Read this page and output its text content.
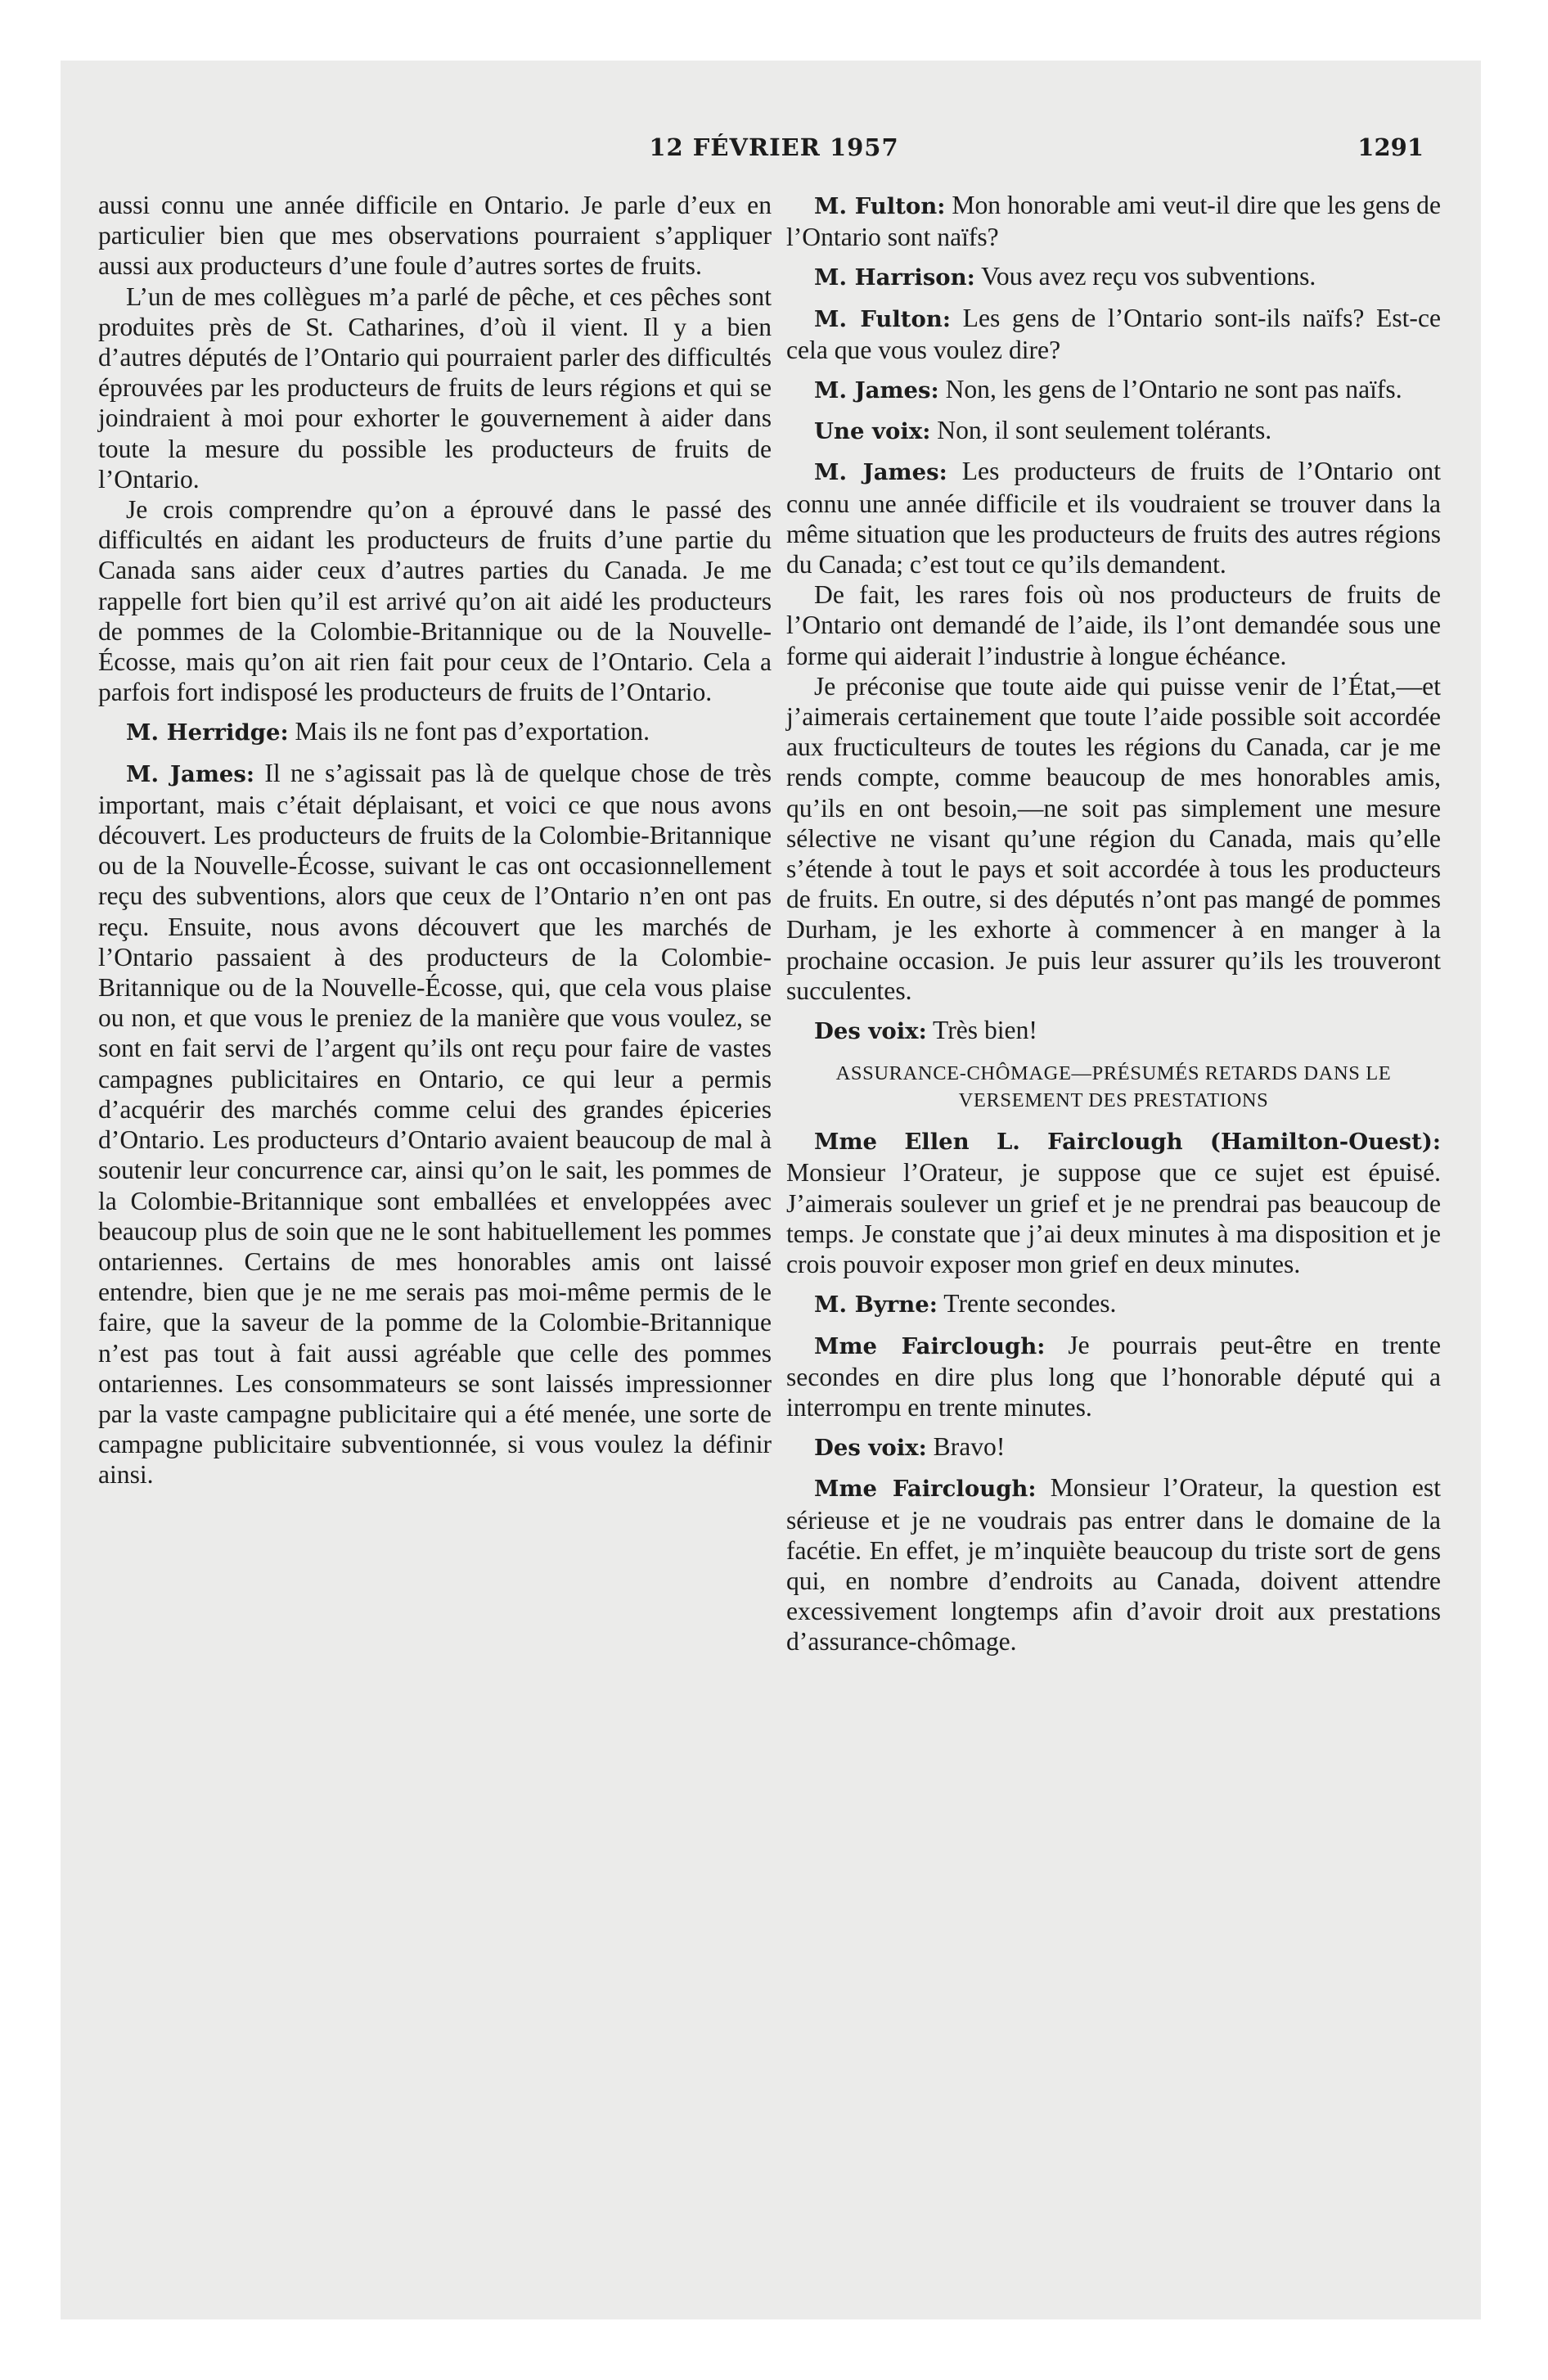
12 FÉVRIER 1957	1291

aussi connu une année difficile en Ontario. Je parle d’eux en particulier bien que mes observations pourraient s’appliquer aussi aux producteurs d’une foule d’autres sortes de fruits.

L’un de mes collègues m’a parlé de pêche, et ces pêches sont produites près de St. Catharines, d’où il vient. Il y a bien d’autres députés de l’Ontario qui pourraient parler des difficultés éprouvées par les producteurs de fruits de leurs régions et qui se joindraient à moi pour exhorter le gouvernement à aider dans toute la mesure du possible les producteurs de fruits de l’Ontario.

Je crois comprendre qu’on a éprouvé dans le passé des difficultés en aidant les producteurs de fruits d’une partie du Canada sans aider ceux d’autres parties du Canada. Je me rappelle fort bien qu’il est arrivé qu’on ait aidé les producteurs de pommes de la Colombie-Britannique ou de la Nouvelle-Écosse, mais qu’on ait rien fait pour ceux de l’Ontario. Cela a parfois fort indisposé les producteurs de fruits de l’Ontario.

M. Herridge: Mais ils ne font pas d’exportation.

M. James: Il ne s’agissait pas là de quelque chose de très important, mais c’était déplaisant, et voici ce que nous avons découvert. Les producteurs de fruits de la Colombie-Britannique ou de la Nouvelle-Écosse, suivant le cas ont occasionnellement reçu des subventions, alors que ceux de l’Ontario n’en ont pas reçu. Ensuite, nous avons découvert que les marchés de l’Ontario passaient à des producteurs de la Colombie-Britannique ou de la Nouvelle-Écosse, qui, que cela vous plaise ou non, et que vous le preniez de la manière que vous voulez, se sont en fait servi de l’argent qu’ils ont reçu pour faire de vastes campagnes publicitaires en Ontario, ce qui leur a permis d’acquérir des marchés comme celui des grandes épiceries d’Ontario. Les producteurs d’Ontario avaient beaucoup de mal à soutenir leur concurrence car, ainsi qu’on le sait, les pommes de la Colombie-Britannique sont emballées et enveloppées avec beaucoup plus de soin que ne le sont habituellement les pommes ontariennes. Certains de mes honorables amis ont laissé entendre, bien que je ne me serais pas moi-même permis de le faire, que la saveur de la pomme de la Colombie-Britannique n’est pas tout à fait aussi agréable que celle des pommes ontariennes. Les consommateurs se sont laissés impressionner par la vaste campagne publicitaire qui a été menée, une sorte de campagne publicitaire subventionnée, si vous voulez la définir ainsi.

M. Fulton: Mon honorable ami veut-il dire que les gens de l’Ontario sont naïfs?

M. Harrison: Vous avez reçu vos subventions.

M. Fulton: Les gens de l’Ontario sont-ils naïfs? Est-ce cela que vous voulez dire?

M. James: Non, les gens de l’Ontario ne sont pas naïfs.

Une voix: Non, il sont seulement tolérants.

M. James: Les producteurs de fruits de l’Ontario ont connu une année difficile et ils voudraient se trouver dans la même situation que les producteurs de fruits des autres régions du Canada; c’est tout ce qu’ils demandent.

De fait, les rares fois où nos producteurs de fruits de l’Ontario ont demandé de l’aide, ils l’ont demandée sous une forme qui aiderait l’industrie à longue échéance.

Je préconise que toute aide qui puisse venir de l’État,—et j’aimerais certainement que toute l’aide possible soit accordée aux fructiculteurs de toutes les régions du Canada, car je me rends compte, comme beaucoup de mes honorables amis, qu’ils en ont besoin,—ne soit pas simplement une mesure sélective ne visant qu’une région du Canada, mais qu’elle s’étende à tout le pays et soit accordée à tous les producteurs de fruits. En outre, si des députés n’ont pas mangé de pommes Durham, je les exhorte à commencer à en manger à la prochaine occasion. Je puis leur assurer qu’ils les trouveront succulentes.

Des voix: Très bien!

ASSURANCE-CHÔMAGE—PRÉSUMÉS RETARDS DANS LE VERSEMENT DES PRESTATIONS

Mme Ellen L. Fairclough (Hamilton-Ouest): Monsieur l’Orateur, je suppose que ce sujet est épuisé. J’aimerais soulever un grief et je ne prendrai pas beaucoup de temps. Je constate que j’ai deux minutes à ma disposition et je crois pouvoir exposer mon grief en deux minutes.

M. Byrne: Trente secondes.

Mme Fairclough: Je pourrais peut-être en trente secondes en dire plus long que l’honorable député qui a interrompu en trente minutes.

Des voix: Bravo!

Mme Fairclough: Monsieur l’Orateur, la question est sérieuse et je ne voudrais pas entrer dans le domaine de la facétie. En effet, je m’inquiète beaucoup du triste sort de gens qui, en nombre d’endroits au Canada, doivent attendre excessivement longtemps afin d’avoir droit aux prestations d’assurance-chômage.
